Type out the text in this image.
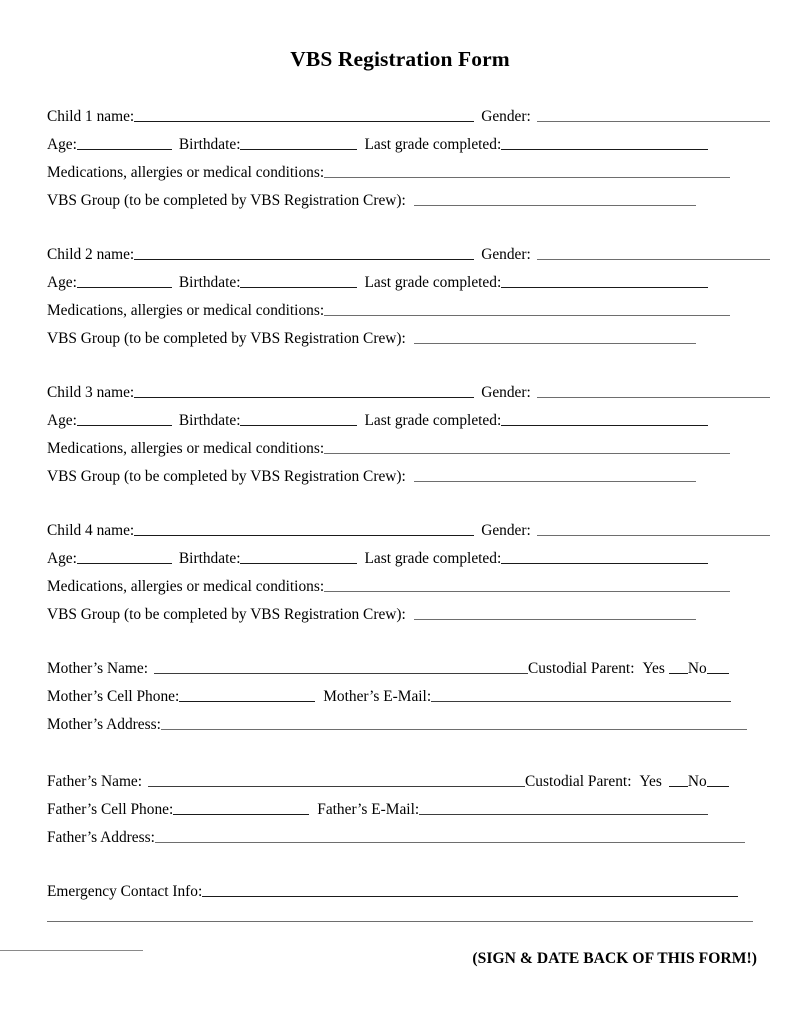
VBS Registration Form
Child 1 name:	Gender:
Age:	Birthdate:	Last grade completed:
Medications, allergies or medical conditions:
VBS Group (to be completed by VBS Registration Crew):
Child 2 name:	Gender:
Age:	Birthdate:	Last grade completed:
Medications, allergies or medical conditions:
VBS Group (to be completed by VBS Registration Crew):
Child 3 name:	Gender:
Age:	Birthdate:	Last grade completed:
Medications, allergies or medical conditions:
VBS Group (to be completed by VBS Registration Crew):
Child 4 name:	Gender:
Age:	Birthdate:	Last grade completed:
Medications, allergies or medical conditions:
VBS Group (to be completed by VBS Registration Crew):
Mother’s Name:	Custodial Parent: Yes No
Mother’s Cell Phone:	Mother’s E-Mail:
Mother’s Address:
Father’s Name:	Custodial Parent: Yes No
Father’s Cell Phone:	Father’s E-Mail:
Father’s Address:
Emergency Contact Info:
(SIGN & DATE BACK OF THIS FORM!)
